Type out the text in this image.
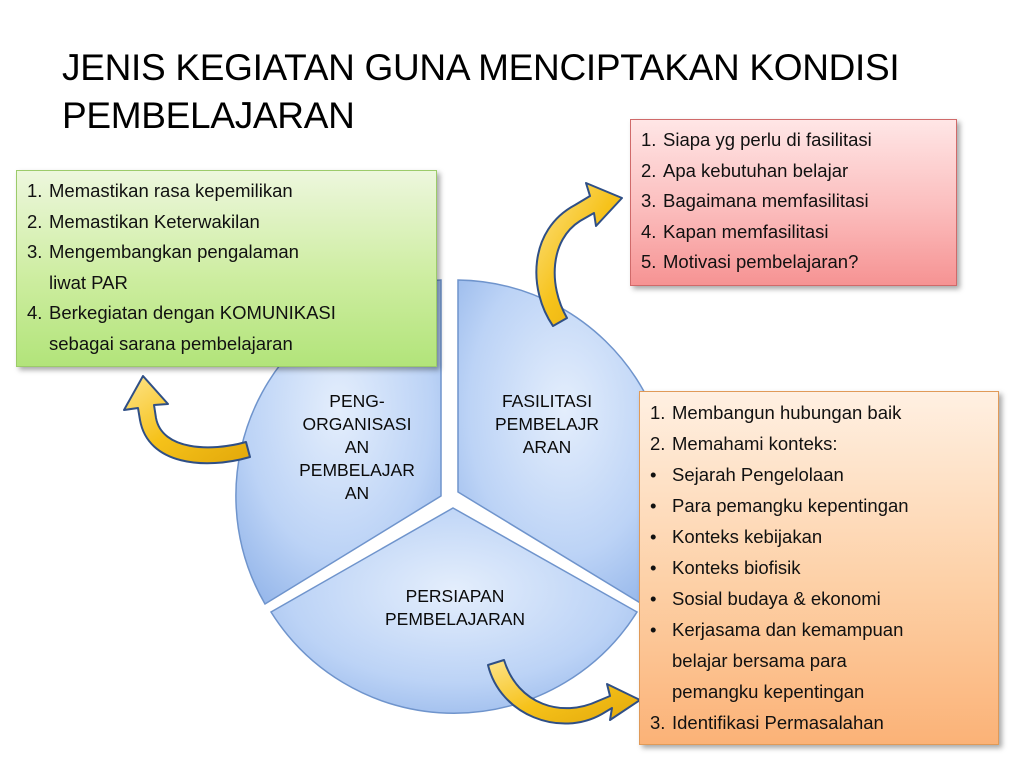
JENIS KEGIATAN GUNA MENCIPTAKAN KONDISI
PEMBELAJARAN
PENG-
ORGANISASI
AN
PEMBELAJAR
AN
FASILITASI
PEMBELAJR
ARAN
PERSIAPAN
PEMBELAJARAN
1. Memastikan rasa kepemilikan
2. Memastikan Keterwakilan
3. Mengembangkan pengalaman
liwat PAR
4. Berkegiatan dengan KOMUNIKASI
sebagai sarana pembelajaran
1. Siapa yg perlu di fasilitasi
2. Apa kebutuhan belajar
3. Bagaimana memfasilitasi
4. Kapan memfasilitasi
5. Motivasi pembelajaran?
1. Membangun hubungan baik
2. Memahami konteks:
• Sejarah Pengelolaan
• Para pemangku kepentingan
• Konteks kebijakan
• Konteks biofisik
• Sosial budaya & ekonomi
• Kerjasama dan kemampuan
belajar bersama para
pemangku kepentingan
3. Identifikasi Permasalahan
